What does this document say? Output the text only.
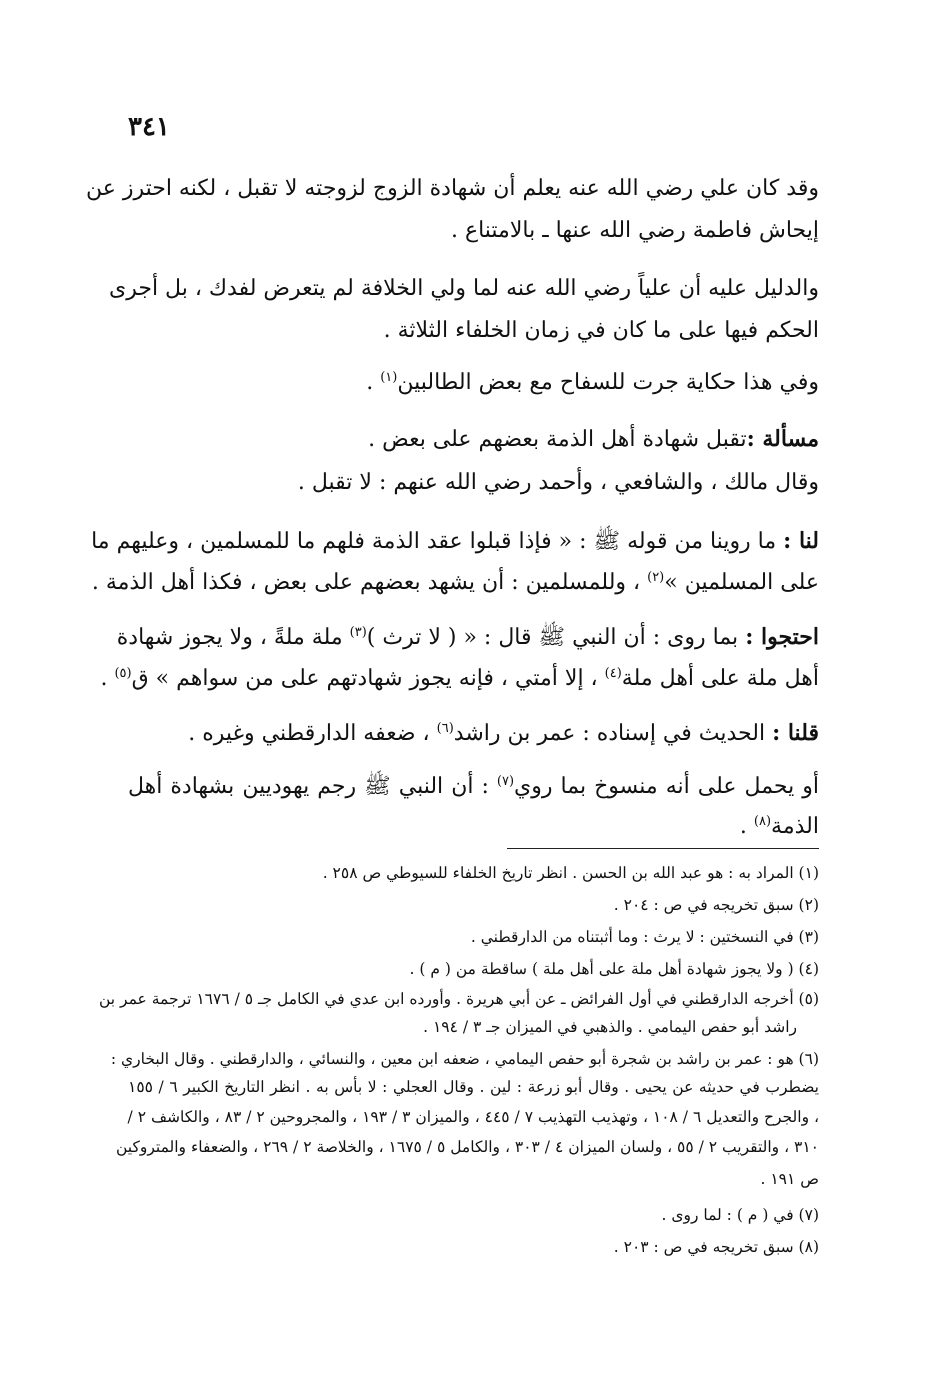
٣٤١
وقد كان علي رضي الله عنه يعلم أن شهادة الزوج لزوجته لا تقبل ، لكنه احترز عن
إيحاش فاطمة رضي الله عنها ـ بالامتناع .
والدليل عليه أن علياً رضي الله عنه لما ولي الخلافة لم يتعرض لفدك ، بل أجرى
الحكم فيها على ما كان في زمان الخلفاء الثلاثة .
وفي هذا حكاية جرت للسفاح مع بعض الطالبين$^{(١)}$ .
مسألة :تقبل شهادة أهل الذمة بعضهم على بعض .
وقال مالك ، والشافعي ، وأحمد رضي الله عنهم : لا تقبل .
لنا : ما روينا من قوله ﷺ : « فإذا قبلوا عقد الذمة فلهم ما للمسلمين ، وعليهم ما
على المسلمين »$^{(٢)}$ ، وللمسلمين : أن يشهد بعضهم على بعض ، فكذا أهل الذمة .
احتجوا : بما روى : أن النبي ﷺ قال : « ( لا ترث )$^{(٣)}$ ملة ملةً ، ولا يجوز شهادة
أهل ملة على أهل ملة$^{(٤)}$ ، إلا أمتي ، فإنه يجوز شهادتهم على من سواهم » ق$^{(٥)}$ .
قلنا : الحديث في إسناده : عمر بن راشد$^{(٦)}$ ، ضعفه الدارقطني وغيره .
أو يحمل على أنه منسوخ بما روي$^{(٧)}$ : أن النبي ﷺ رجم يهوديين بشهادة أهل
الذمة$^{(٨)}$ .
(١) المراد به : هو عبد الله بن الحسن . انظر تاريخ الخلفاء للسيوطي ص ٢٥٨ .
(٢) سبق تخريجه في ص : ٢٠٤ .
(٣) في النسختين : لا يرث : وما أثبتناه من الدارقطني .
(٤) ( ولا يجوز شهادة أهل ملة على أهل ملة ) ساقطة من ( م ) .
(٥) أخرجه الدارقطني في أول الفرائض ـ عن أبي هريرة . وأورده ابن عدي في الكامل جـ ٥ / ١٦٧٦ ترجمة عمر بن
راشد أبو حفص اليمامي . والذهبي في الميزان جـ ٣ / ١٩٤ .
(٦) هو : عمر بن راشد بن شجرة أبو حفص اليمامي ، ضعفه ابن معين ، والنسائي ، والدارقطني . وقال البخاري :
يضطرب في حديثه عن يحيى . وقال أبو زرعة : لين . وقال العجلي : لا بأس به . انظر التاريخ الكبير ٦ / ١٥٥
، والجرح والتعديل ٦ / ١٠٨ ، وتهذيب التهذيب ٧ / ٤٤٥ ، والميزان ٣ / ١٩٣ ، والمجروحين ٢ / ٨٣ ، والكاشف ٢ /
٣١٠ ، والتقريب ٢ / ٥٥ ، ولسان الميزان ٤ / ٣٠٣ ، والكامل ٥ / ١٦٧٥ ، والخلاصة ٢ / ٢٦٩ ، والضعفاء والمتروكين
ص ١٩١ .
(٧) في ( م ) : لما روى .
(٨) سبق تخريجه في ص : ٢٠٣ .
